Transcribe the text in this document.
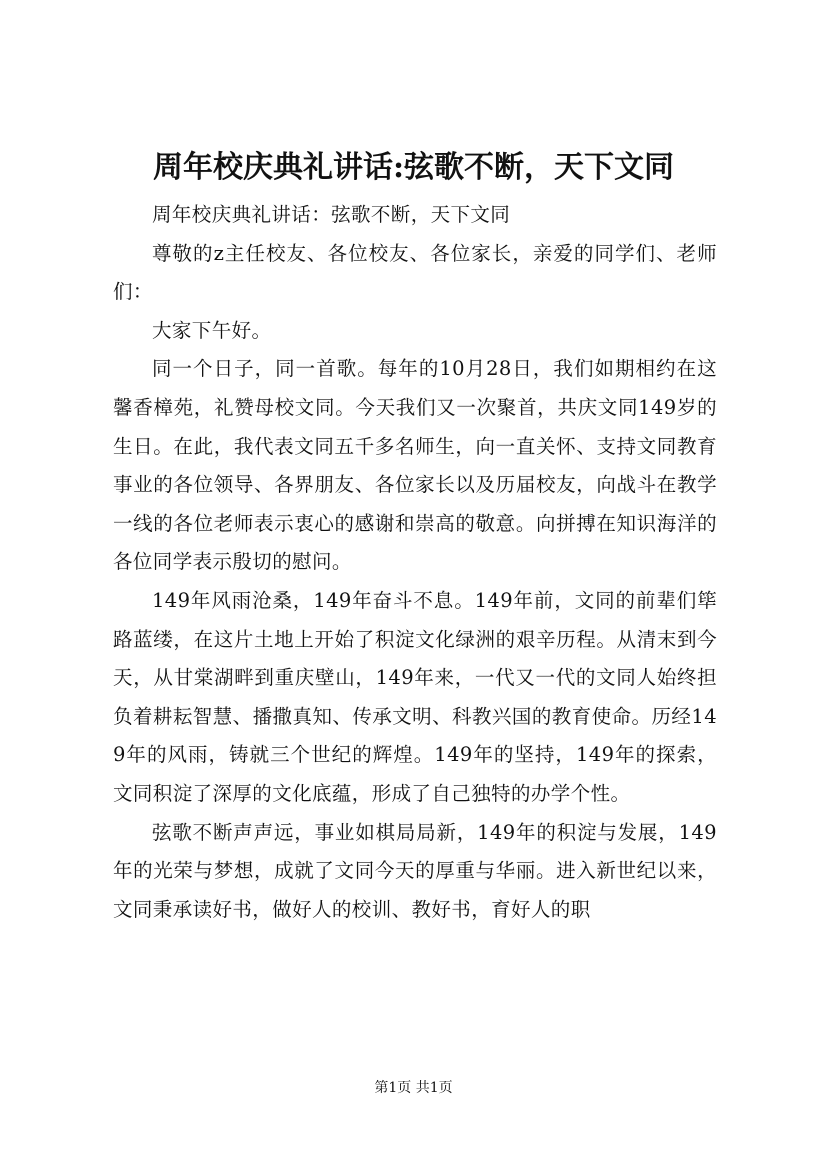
周年校庆典礼讲话:弦歌不断，天下文同

周年校庆典礼讲话：弦歌不断，天下文同

尊敬的z主任校友、各位校友、各位家长，亲爱的同学们、老师们：

大家下午好。

同一个日子，同一首歌。每年的10月28日，我们如期相约在这馨香樟苑，礼赞母校文同。今天我们又一次聚首，共庆文同149岁的生日。在此，我代表文同五千多名师生，向一直关怀、支持文同教育事业的各位领导、各界朋友、各位家长以及历届校友，向战斗在教学一线的各位老师表示衷心的感谢和崇高的敬意。向拼搏在知识海洋的各位同学表示殷切的慰问。

149年风雨沧桑，149年奋斗不息。149年前，文同的前辈们筚路蓝缕，在这片土地上开始了积淀文化绿洲的艰辛历程。从清末到今天，从甘棠湖畔到重庆壁山，149年来，一代又一代的文同人始终担负着耕耘智慧、播撒真知、传承文明、科教兴国的教育使命。历经149年的风雨，铸就三个世纪的辉煌。149年的坚持，149年的探索，文同积淀了深厚的文化底蕴，形成了自己独特的办学个性。

弦歌不断声声远，事业如棋局局新，149年的积淀与发展，149年的光荣与梦想，成就了文同今天的厚重与华丽。进入新世纪以来，文同秉承读好书，做好人的校训、教好书，育好人的职

第1页 共1页
